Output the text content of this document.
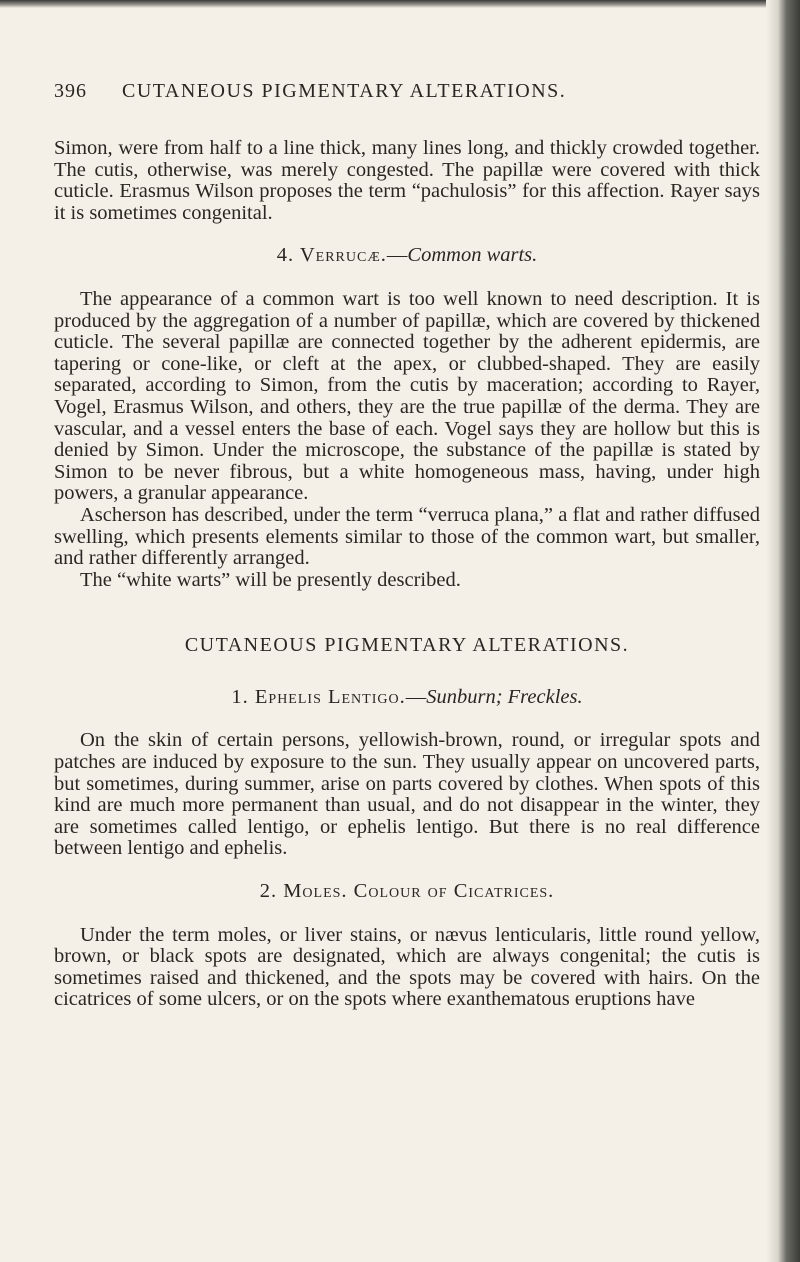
396 CUTANEOUS PIGMENTARY ALTERATIONS.

Simon, were from half to a line thick, many lines long, and thickly crowded together. The cutis, otherwise, was merely congested. The papillæ were covered with thick cuticle. Erasmus Wilson proposes the term “pachulosis” for this affection. Rayer says it is sometimes congenital.

4. Verrucæ.—Common warts.

The appearance of a common wart is too well known to need description. It is produced by the aggregation of a number of papillæ, which are covered by thickened cuticle. The several papillæ are connected together by the adherent epidermis, are tapering or cone-like, or cleft at the apex, or clubbed-shaped. They are easily separated, according to Simon, from the cutis by maceration; according to Rayer, Vogel, Erasmus Wilson, and others, they are the true papillæ of the derma. They are vascular, and a vessel enters the base of each. Vogel says they are hollow but this is denied by Simon. Under the microscope, the substance of the papillæ is stated by Simon to be never fibrous, but a white homogeneous mass, having, under high powers, a granular appearance.

Ascherson has described, under the term “verruca plana,” a flat and rather diffused swelling, which presents elements similar to those of the common wart, but smaller, and rather differently arranged.

The “white warts” will be presently described.

CUTANEOUS PIGMENTARY ALTERATIONS.
1. Ephelis Lentigo.—Sunburn; Freckles.

On the skin of certain persons, yellowish-brown, round, or irregular spots and patches are induced by exposure to the sun. They usually appear on uncovered parts, but sometimes, during summer, arise on parts covered by clothes. When spots of this kind are much more permanent than usual, and do not disappear in the winter, they are sometimes called lentigo, or ephelis lentigo. But there is no real difference between lentigo and ephelis.

2. Moles. Colour of Cicatrices.

Under the term moles, or liver stains, or nævus lenticularis, little round yellow, brown, or black spots are designated, which are always congenital; the cutis is sometimes raised and thickened, and the spots may be covered with hairs. On the cicatrices of some ulcers, or on the spots where exanthematous eruptions have
